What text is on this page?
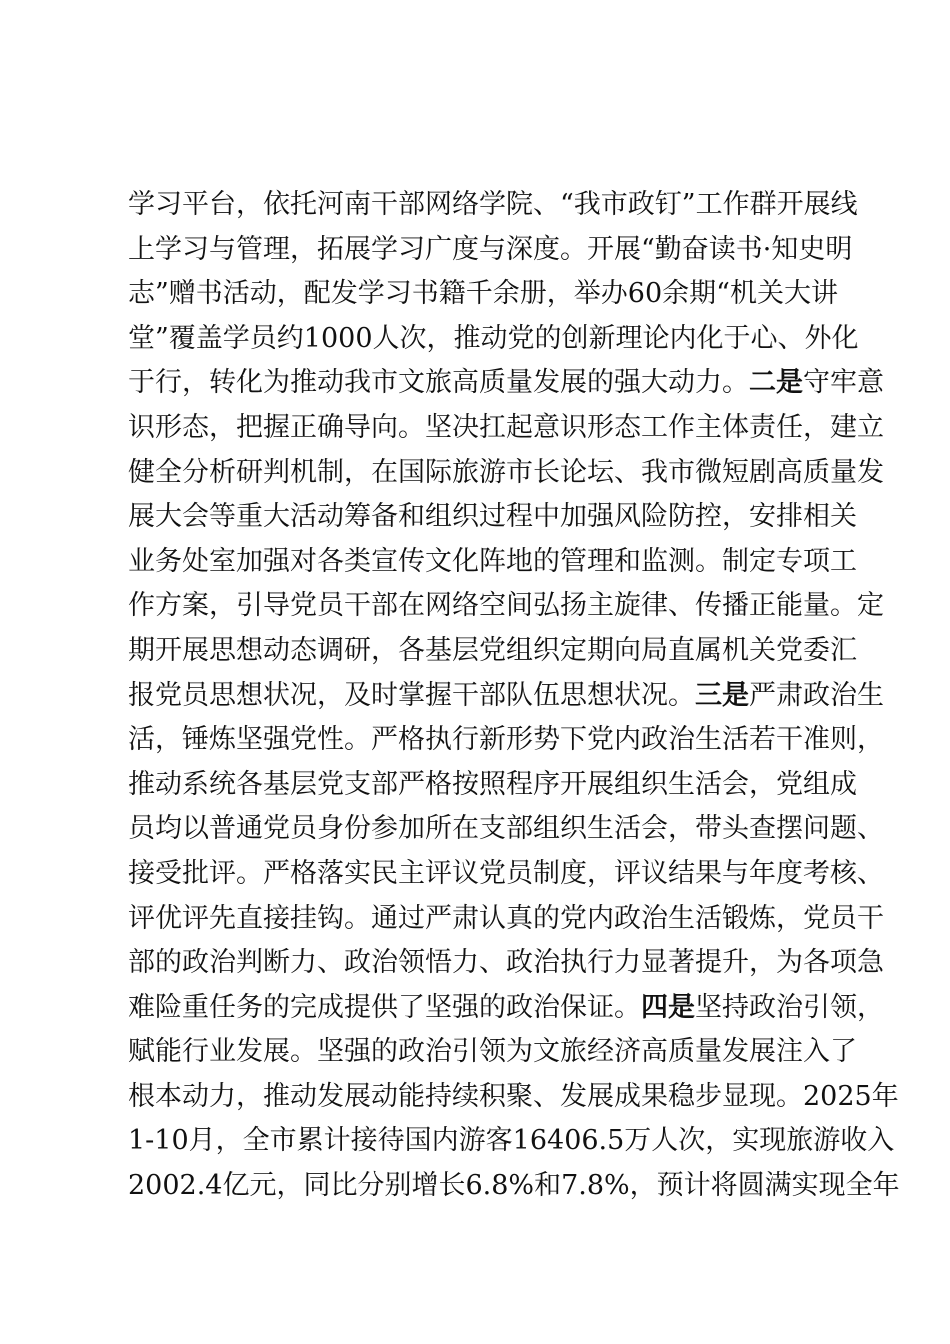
学习平台，依托河南干部网络学院、“我市政钉”工作群开展线
上学习与管理，拓展学习广度与深度。开展“勤奋读书·知史明
志”赠书活动，配发学习书籍千余册，举办60余期“机关大讲
堂”覆盖学员约1000人次，推动党的创新理论内化于心、外化
于行，转化为推动我市文旅高质量发展的强大动力。二是守牢意
识形态，把握正确导向。坚决扛起意识形态工作主体责任，建立
健全分析研判机制，在国际旅游市长论坛、我市微短剧高质量发
展大会等重大活动筹备和组织过程中加强风险防控，安排相关
业务处室加强对各类宣传文化阵地的管理和监测。制定专项工
作方案，引导党员干部在网络空间弘扬主旋律、传播正能量。定
期开展思想动态调研，各基层党组织定期向局直属机关党委汇
报党员思想状况，及时掌握干部队伍思想状况。三是严肃政治生
活，锤炼坚强党性。严格执行新形势下党内政治生活若干准则，
推动系统各基层党支部严格按照程序开展组织生活会，党组成
员均以普通党员身份参加所在支部组织生活会，带头查摆问题、
接受批评。严格落实民主评议党员制度，评议结果与年度考核、
评优评先直接挂钩。通过严肃认真的党内政治生活锻炼，党员干
部的政治判断力、政治领悟力、政治执行力显著提升，为各项急
难险重任务的完成提供了坚强的政治保证。四是坚持政治引领，
赋能行业发展。坚强的政治引领为文旅经济高质量发展注入了
根本动力，推动发展动能持续积聚、发展成果稳步显现。2025年
1-10月，全市累计接待国内游客16406.5万人次，实现旅游收入
2002.4亿元，同比分别增长6.8%和7.8%，预计将圆满实现全年
